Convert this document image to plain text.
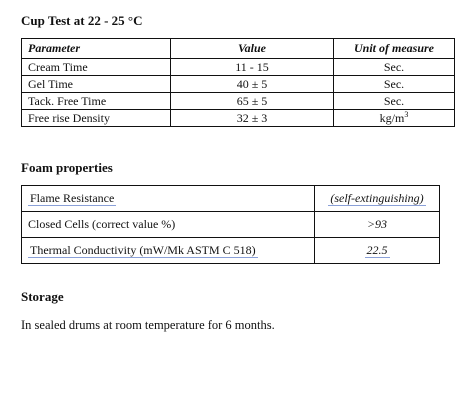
Cup Test at 22 - 25 °C
Parameter	Value	Unit of measure
Cream Time	11 - 15	Sec.
Gel Time	40 ± 5	Sec.
Tack. Free Time	65 ± 5	Sec.
Free rise Density	32 ± 3	$kg/m^3$
Foam properties
Flame Resistance	(self-extinguishing)
Closed Cells (correct value %)	>93
Thermal Conductivity (mW/Mk ASTM C 518)	22.5
Storage
In sealed drums at room temperature for 6 months.
